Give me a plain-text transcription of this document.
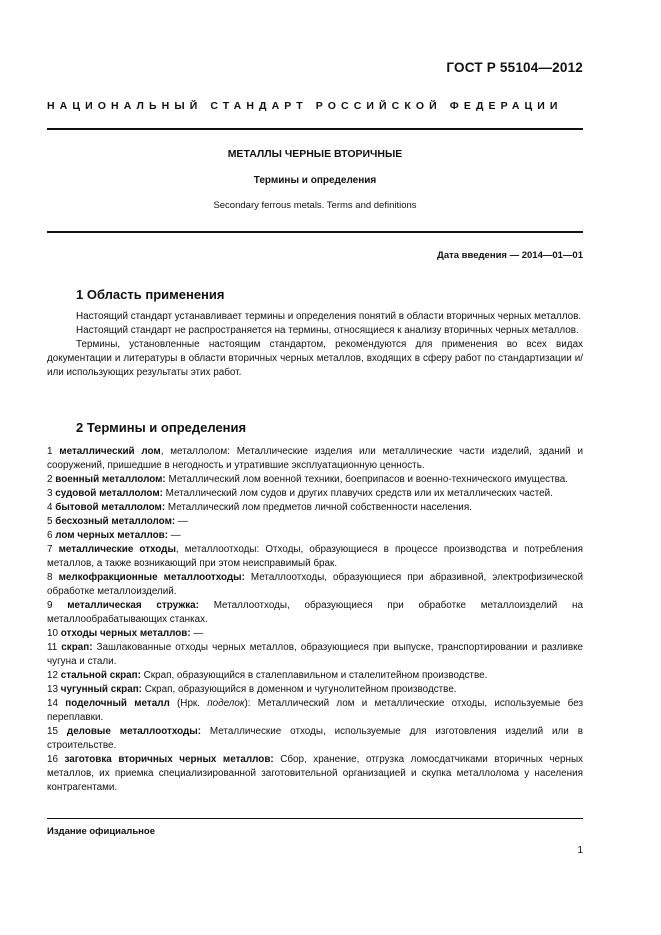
ГОСТ Р 55104—2012
НАЦИОНАЛЬНЫЙ СТАНДАРТ РОССИЙСКОЙ ФЕДЕРАЦИИ
МЕТАЛЛЫ ЧЕРНЫЕ ВТОРИЧНЫЕ
Термины и определения
Secondary ferrous metals. Terms and definitions
Дата введения — 2014—01—01
1 Область применения

Настоящий стандарт устанавливает термины и определения понятий в области вторичных черных металлов.

Настоящий стандарт не распространяется на термины, относящиеся к анализу вторичных черных металлов.

Термины, установленные настоящим стандартом, рекомендуются для применения во всех видах документации и литературы в области вторичных черных металлов, входящих в сферу работ по стандартизации и/или использующих результаты этих работ.

2 Термины и определения

1 металлический лом, металлолом: Металлические изделия или металлические части изделий, зданий и сооружений, пришедшие в негодность и утратившие эксплуатационную ценность.

2 военный металлолом: Металлический лом военной техники, боеприпасов и военно-технического имущества.

3 судовой металлолом: Металлический лом судов и других плавучих средств или их металлических частей.

4 бытовой металлолом: Металлический лом предметов личной собственности населения.

5 бесхозный металлолом: —

6 лом черных металлов: —

7 металлические отходы, металлоотходы: Отходы, образующиеся в процессе производства и потребления металлов, а также возникающий при этом неисправимый брак.

8 мелкофракционные металлоотходы: Металлоотходы, образующиеся при абразивной, электрофизической обработке металлоизделий.

9 металлическая стружка: Металлоотходы, образующиеся при обработке металлоизделий на металлообрабатывающих станках.

10 отходы черных металлов: —

11 скрап: Зашлакованные отходы черных металлов, образующиеся при выпуске, транспортировании и разливке чугуна и стали.

12 стальной скрап: Скрап, образующийся в сталеплавильном и сталелитейном производстве.

13 чугунный скрап: Скрап, образующийся в доменном и чугунолитейном производстве.

14 поделочный металл (Нрк. поделок): Металлический лом и металлические отходы, используемые без переплавки.

15 деловые металлоотходы: Металлические отходы, используемые для изготовления изделий или в строительстве.

16 заготовка вторичных черных металлов: Сбор, хранение, отгрузка ломосдатчиками вторичных черных металлов, их приемка специализированной заготовительной организацией и скупка металлолома у населения контрагентами.

Издание официальное
1
